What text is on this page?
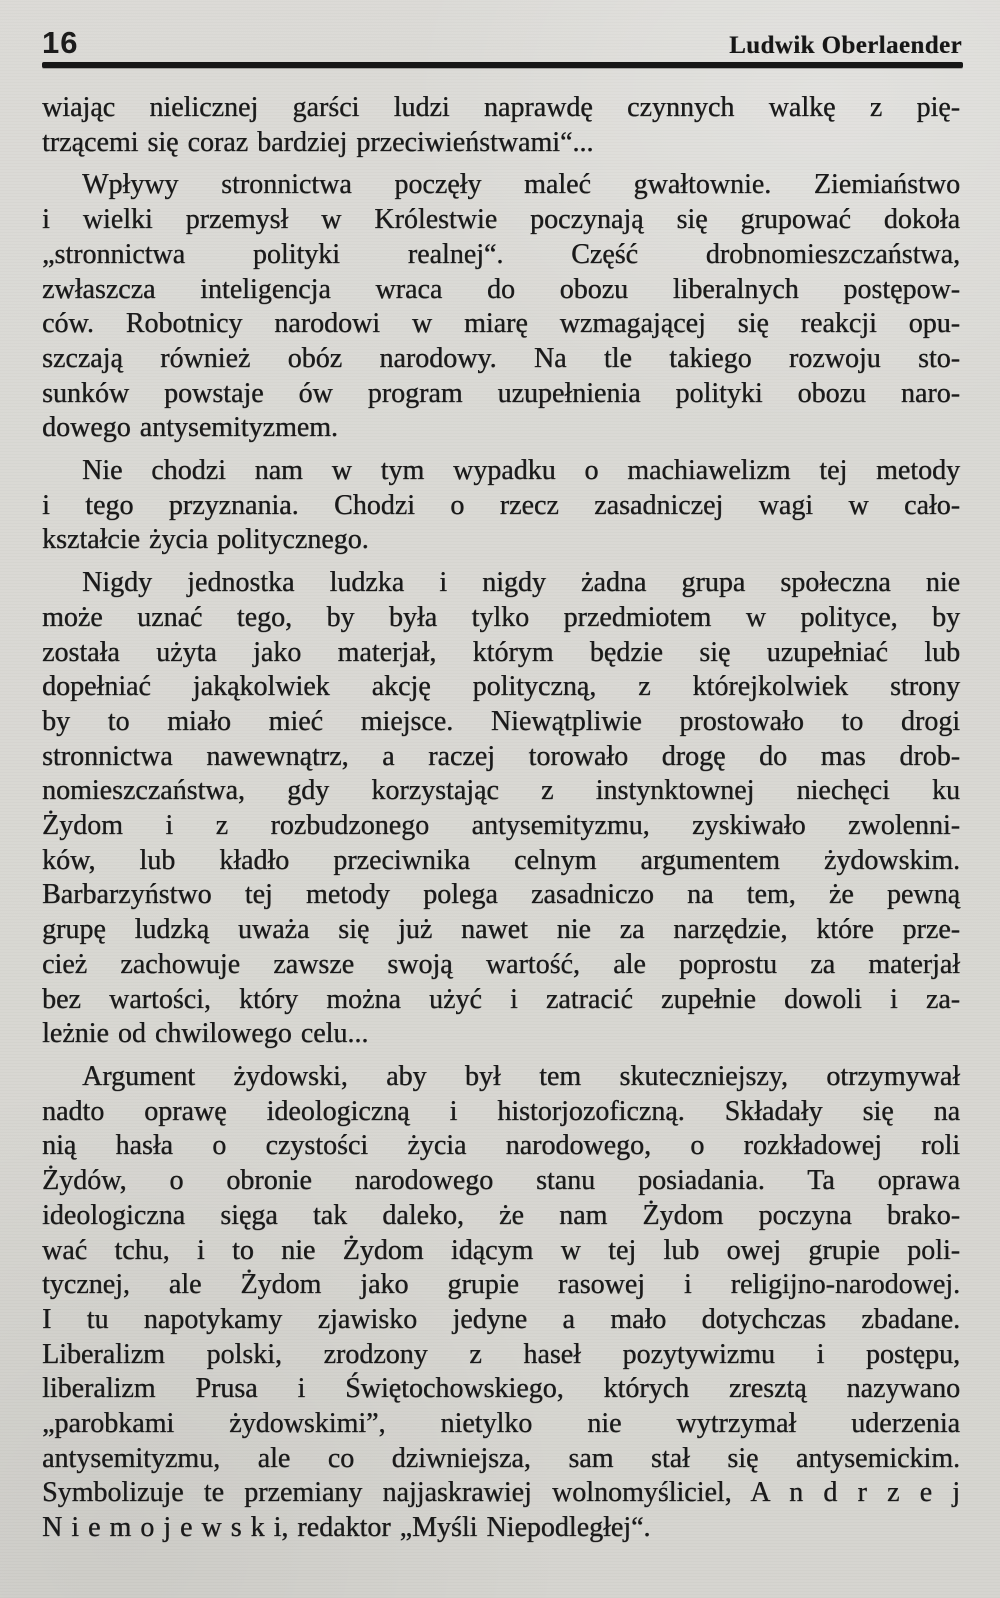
16	Ludwik Oberlaender
wiając nielicznej garści ludzi naprawdę czynnych walkę z pię-
trzącemi się coraz bardziej przeciwieństwami“...
Wpływy stronnictwa poczęły maleć gwałtownie. Ziemiaństwo
i wielki przemysł w Królestwie poczynają się grupować dokoła
„stronnictwa polityki realnej“. Część drobnomieszczaństwa,
zwłaszcza inteligencja wraca do obozu liberalnych postępow-
ców. Robotnicy narodowi w miarę wzmagającej się reakcji opu-
szczają również obóz narodowy. Na tle takiego rozwoju sto-
sunków powstaje ów program uzupełnienia polityki obozu naro-
dowego antysemityzmem.
Nie chodzi nam w tym wypadku o machiawelizm tej metody
i tego przyznania. Chodzi o rzecz zasadniczej wagi w cało-
kształcie życia politycznego.
Nigdy jednostka ludzka i nigdy żadna grupa społeczna nie
może uznać tego, by była tylko przedmiotem w polityce, by
została użyta jako materjał, którym będzie się uzupełniać lub
dopełniać jakąkolwiek akcję polityczną, z którejkolwiek strony
by to miało mieć miejsce. Niewątpliwie prostowało to drogi
stronnictwa nawewnątrz, a raczej torowało drogę do mas drob-
nomieszczaństwa, gdy korzystając z instynktownej niechęci ku
Żydom i z rozbudzonego antysemityzmu, zyskiwało zwolenni-
ków, lub kładło przeciwnika celnym argumentem żydowskim.
Barbarzyństwo tej metody polega zasadniczo na tem, że pewną
grupę ludzką uważa się już nawet nie za narzędzie, które prze-
cież zachowuje zawsze swoją wartość, ale poprostu za materjał
bez wartości, który można użyć i zatracić zupełnie dowoli i za-
leżnie od chwilowego celu...
Argument żydowski, aby był tem skuteczniejszy, otrzymywał
nadto oprawę ideologiczną i historjozoficzną. Składały się na
nią hasła o czystości życia narodowego, o rozkładowej roli
Żydów, o obronie narodowego stanu posiadania. Ta oprawa
ideologiczna sięga tak daleko, że nam Żydom poczyna brako-
wać tchu, i to nie Żydom idącym w tej lub owej grupie poli-
tycznej, ale Żydom jako grupie rasowej i religijno-narodowej.
I tu napotykamy zjawisko jedyne a mało dotychczas zbadane.
Liberalizm polski, zrodzony z haseł pozytywizmu i postępu,
liberalizm Prusa i Świętochowskiego, których zresztą nazywano
„parobkami żydowskimi”, nietylko nie wytrzymał uderzenia
antysemityzmu, ale co dziwniejsza, sam stał się antysemickim.
Symbolizuje te przemiany najjaskrawiej wolnomyśliciel, A n d r z e j
N i e m o j e w s k i, redaktor „Myśli Niepodległej“.
